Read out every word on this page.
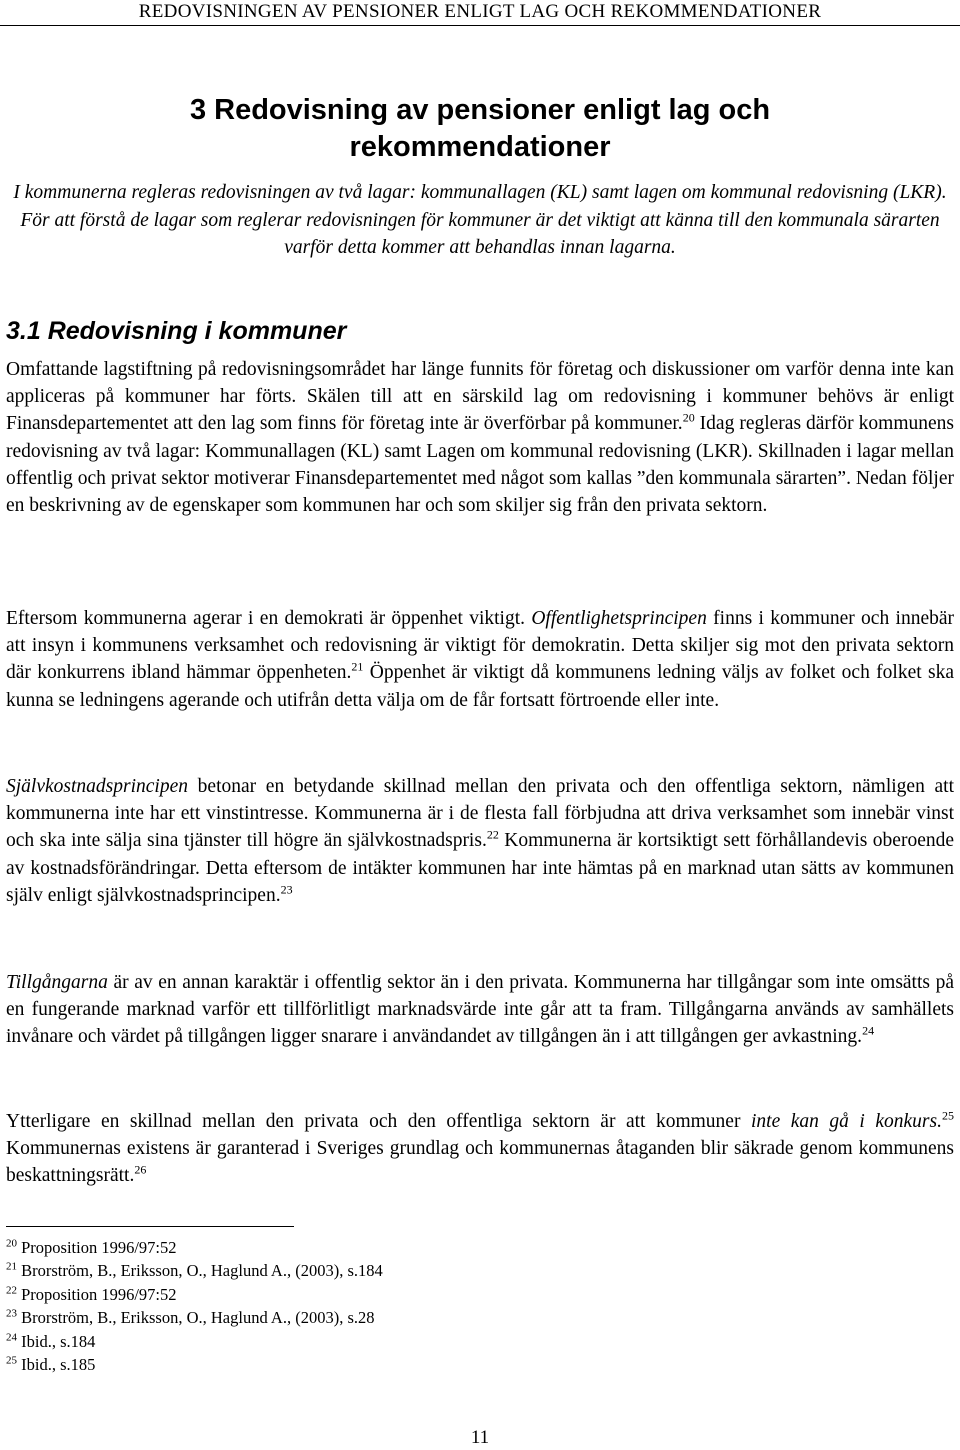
REDOVISNINGEN AV PENSIONER ENLIGT LAG OCH REKOMMENDATIONER
3 Redovisning av pensioner enligt lag och
rekommendationer

I kommunerna regleras redovisningen av två lagar: kommunallagen (KL) samt lagen om kommunal redovisning (LKR). För att förstå de lagar som reglerar redovisningen för kommuner är det viktigt att känna till den kommunala särarten varför detta kommer att behandlas innan lagarna.

3.1 Redovisning i kommuner

Omfattande lagstiftning på redovisningsområdet har länge funnits för företag och diskussioner om varför denna inte kan appliceras på kommuner har förts. Skälen till att en särskild lag om redovisning i kommuner behövs är enligt Finansdepartementet att den lag som finns för företag inte är överförbar på kommuner.$^{20}$ Idag regleras därför kommunens redovisning av två lagar: Kommunallagen (KL) samt Lagen om kommunal redovisning (LKR). Skillnaden i lagar mellan offentlig och privat sektor motiverar Finansdepartementet med något som kallas ”den kommunala särarten”. Nedan följer en beskrivning av de egenskaper som kommunen har och som skiljer sig från den privata sektorn.

Eftersom kommunerna agerar i en demokrati är öppenhet viktigt. Offentlighetsprincipen finns i kommuner och innebär att insyn i kommunens verksamhet och redovisning är viktigt för demokratin. Detta skiljer sig mot den privata sektorn där konkurrens ibland hämmar öppenheten.$^{21}$ Öppenhet är viktigt då kommunens ledning väljs av folket och folket ska kunna se ledningens agerande och utifrån detta välja om de får fortsatt förtroende eller inte.

Självkostnadsprincipen betonar en betydande skillnad mellan den privata och den offentliga sektorn, nämligen att kommunerna inte har ett vinstintresse. Kommunerna är i de flesta fall förbjudna att driva verksamhet som innebär vinst och ska inte sälja sina tjänster till högre än självkostnadspris.$^{22}$ Kommunerna är kortsiktigt sett förhållandevis oberoende av kostnadsförändringar. Detta eftersom de intäkter kommunen har inte hämtas på en marknad utan sätts av kommunen själv enligt självkostnadsprincipen.$^{23}$

Tillgångarna är av en annan karaktär i offentlig sektor än i den privata. Kommunerna har tillgångar som inte omsätts på en fungerande marknad varför ett tillförlitligt marknadsvärde inte går att ta fram. Tillgångarna används av samhällets invånare och värdet på tillgången ligger snarare i användandet av tillgången än i att tillgången ger avkastning.$^{24}$

Ytterligare en skillnad mellan den privata och den offentliga sektorn är att kommuner inte kan gå i konkurs.$^{25}$ Kommunernas existens är garanterad i Sveriges grundlag och kommunernas åtaganden blir säkrade genom kommunens beskattningsrätt.$^{26}$

$^{20}$ Proposition 1996/97:52
$^{21}$ Brorström, B., Eriksson, O., Haglund A., (2003), s.184
$^{22}$ Proposition 1996/97:52
$^{23}$ Brorström, B., Eriksson, O., Haglund A., (2003), s.28
$^{24}$ Ibid., s.184
$^{25}$ Ibid., s.185
11
